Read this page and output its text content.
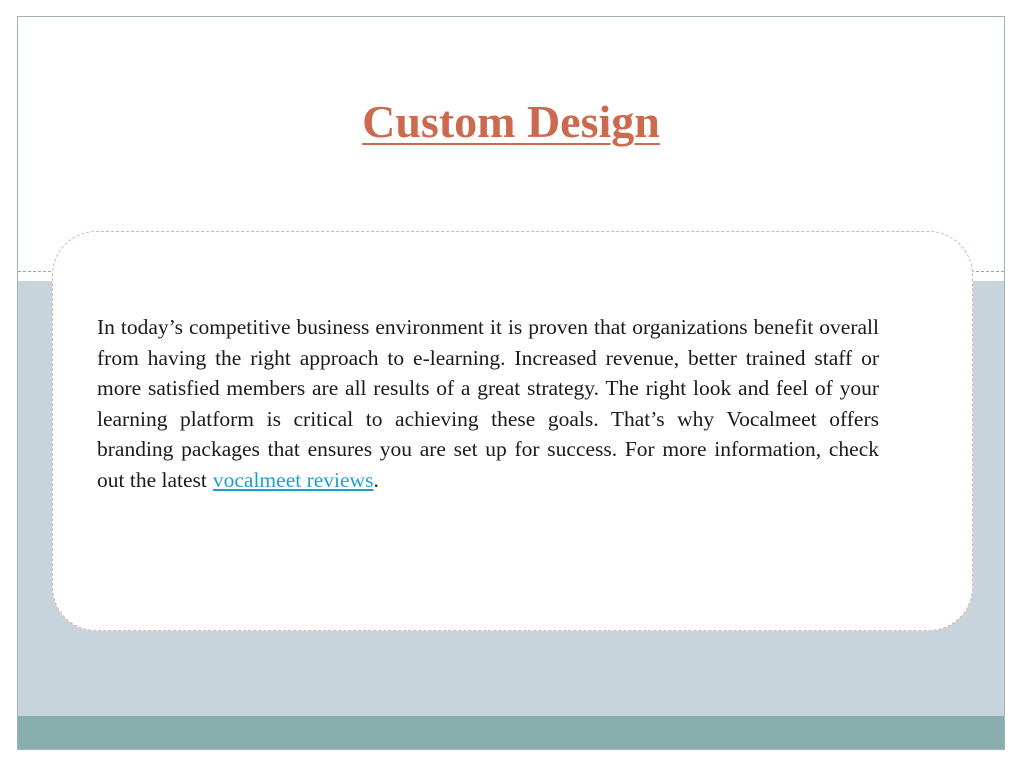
Custom Design

In today’s competitive business environment it is proven that organizations benefit overall from having the right approach to e-learning. Increased revenue, better trained staff or more satisfied members are all results of a great strategy. The right look and feel of your learning platform is critical to achieving these goals. That’s why Vocalmeet offers branding packages that ensures you are set up for success. For more information, check out the latest vocalmeet reviews.
